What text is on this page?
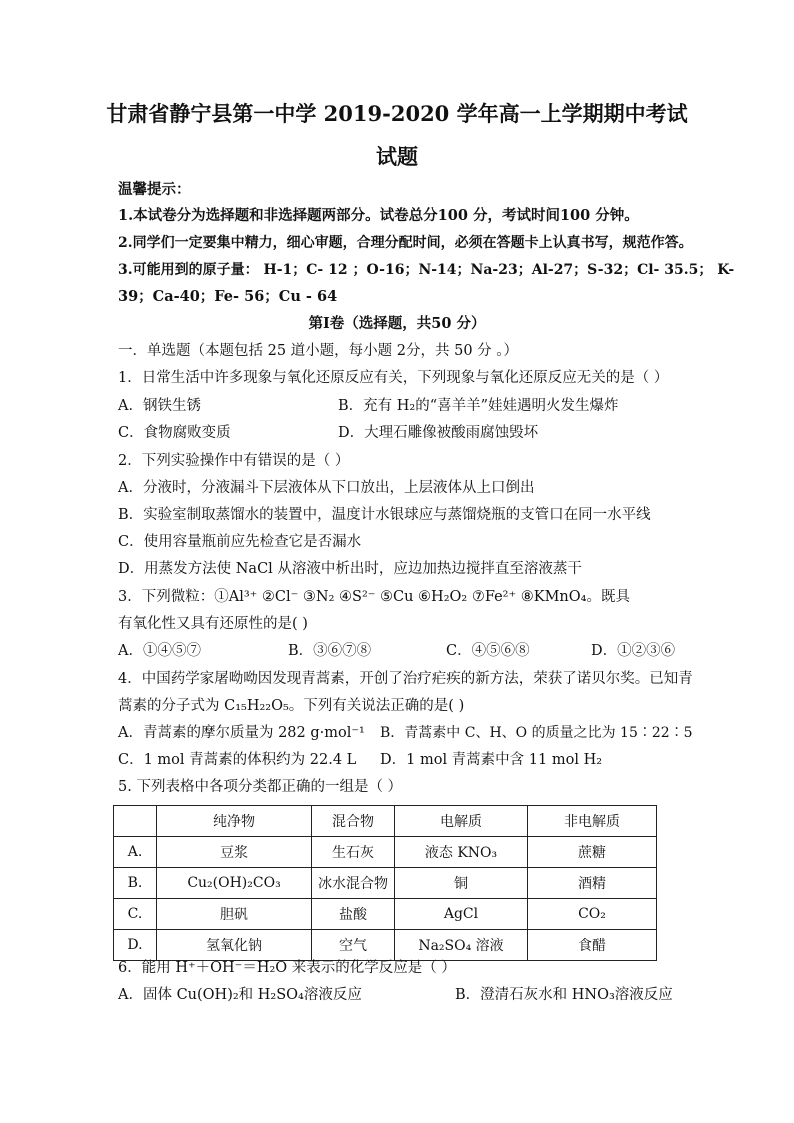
甘肃省静宁县第一中学 2019-2020 学年高一上学期期中考试
试题
温馨提示：
1.本试卷分为选择题和非选择题两部分。试卷总分100 分，考试时间100 分钟。
2.同学们一定要集中精力，细心审题，合理分配时间，必须在答题卡上认真书写，规范作答。
3.可能用到的原子量： H-1；C- 12 ；O-16；N-14；Na-23；Al-27；S-32；Cl- 35.5； K-
39；Ca-40；Fe- 56；Cu - 64
第Ⅰ卷（选择题，共50 分）
一．单选题（本题包括 25 道小题，每小题 2分，共 50 分 。）
1．日常生活中许多现象与氧化还原反应有关，下列现象与氧化还原反应无关的是（ ）
A．钢铁生锈	B．充有 H₂的“喜羊羊”娃娃遇明火发生爆炸
C．食物腐败变质	D．大理石雕像被酸雨腐蚀毁坏
2．下列实验操作中有错误的是（ ）
A．分液时，分液漏斗下层液体从下口放出，上层液体从上口倒出
B．实验室制取蒸馏水的装置中，温度计水银球应与蒸馏烧瓶的支管口在同一水平线
C．使用容量瓶前应先检查它是否漏水
D．用蒸发方法使 NaCl 从溶液中析出时，应边加热边搅拌直至溶液蒸干
3．下列微粒：①Al³⁺ ②Cl⁻ ③N₂ ④S²⁻ ⑤Cu ⑥H₂O₂ ⑦Fe²⁺ ⑧KMnO₄。既具
有氧化性又具有还原性的是( )
A．①④⑤⑦	B．③⑥⑦⑧	C．④⑤⑥⑧	D．①②③⑥
4．中国药学家屠呦呦因发现青蒿素，开创了治疗疟疾的新方法，荣获了诺贝尔奖。已知青
蒿素的分子式为 C₁₅H₂₂O₅。下列有关说法正确的是( )
A．青蒿素的摩尔质量为 282 g·mol⁻¹ B．青蒿素中 C、H、O 的质量之比为 15∶22∶5
C．1 mol 青蒿素的体积约为 22.4 L D．1 mol 青蒿素中含 11 mol H₂
5. 下列表格中各项分类都正确的一组是（ ）
	纯净物	混合物	电解质	非电解质
A.	豆浆	生石灰	液态 KNO₃	蔗糖
B.	Cu₂(OH)₂CO₃	冰水混合物	铜	酒精
C.	胆矾	盐酸	AgCl	CO₂
D.	氢氧化钠	空气	Na₂SO₄ 溶液	食醋
6．能用 H⁺＋OH⁻＝H₂O 来表示的化学反应是（ ）
A．固体 Cu(OH)₂和 H₂SO₄溶液反应	B．澄清石灰水和 HNO₃溶液反应
